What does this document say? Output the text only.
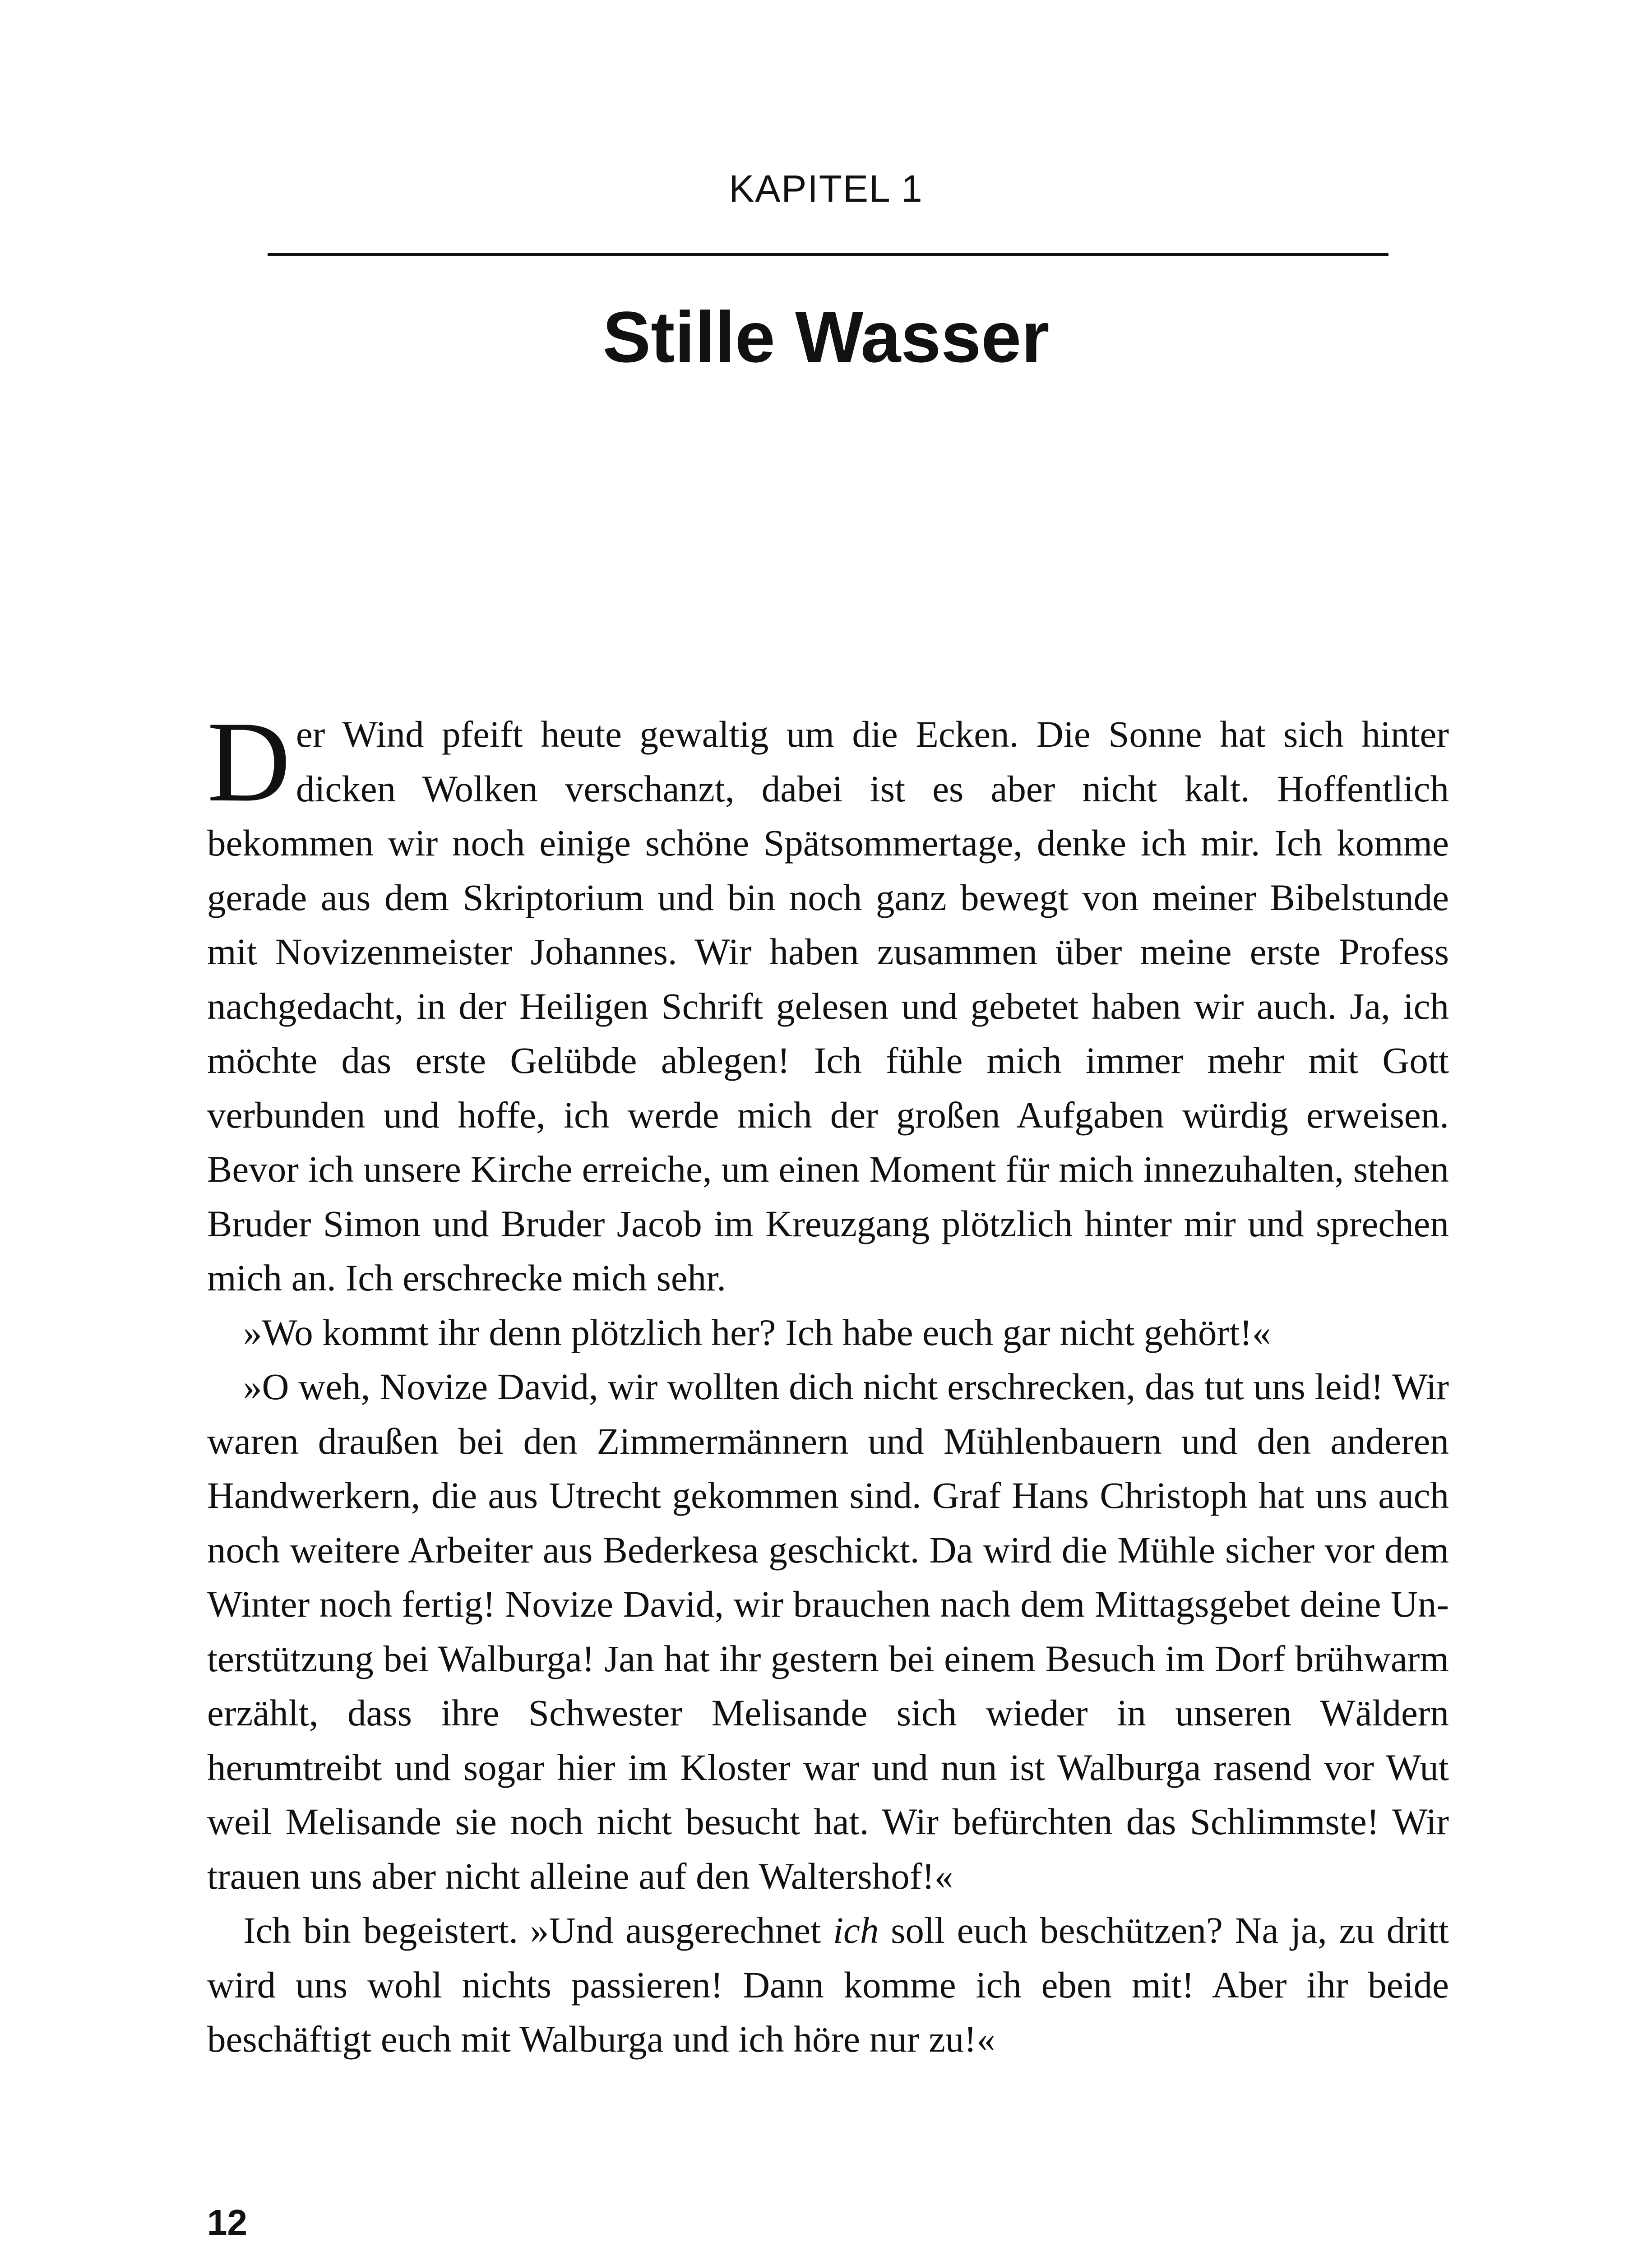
KAPITEL 1
Stille Wasser

Der Wind pfeift heute gewaltig um die Ecken. Die Sonne hat sich hinter dicken Wolken verschanzt, dabei ist es aber nicht kalt. Hoffentlich bekommen wir noch einige schöne Spätsommertage, denke ich mir. Ich komme gerade aus dem Skriptorium und bin noch ganz bewegt von meiner Bibelstunde mit Novizenmeister Johannes. Wir haben zusammen über meine erste Profess nachgedacht, in der Heiligen Schrift gelesen und gebetet haben wir auch. Ja, ich möchte das erste Gelübde ablegen! Ich fühle mich immer mehr mit Gott verbunden und hoffe, ich werde mich der großen Aufgaben würdig erweisen. Bevor ich unsere Kirche erreiche, um einen Moment für mich innezuhalten, stehen Bruder Simon und Bruder Jacob im Kreuzgang plötzlich hinter mir und sprechen mich an. Ich erschrecke mich sehr.

»Wo kommt ihr denn plötzlich her? Ich habe euch gar nicht gehört!«

»O weh, Novize David, wir wollten dich nicht erschrecken, das tut uns leid! Wir waren draußen bei den Zimmermännern und Mühlenbauern und den anderen Handwerkern, die aus Utrecht gekommen sind. Graf Hans Christoph hat uns auch noch weitere Arbeiter aus Bederkesa geschickt. Da wird die Mühle sicher vor dem Winter noch fertig! Novize David, wir brauchen nach dem Mittagsgebet deine Unterstützung bei Walburga! Jan hat ihr gestern bei einem Besuch im Dorf brühwarm erzählt, dass ihre Schwester Melisande sich wieder in unseren Wäldern herumtreibt und sogar hier im Kloster war und nun ist Walburga rasend vor Wut weil Melisande sie noch nicht besucht hat. Wir befürchten das Schlimmste! Wir trauen uns aber nicht alleine auf den Waltershof!«

Ich bin begeistert. »Und ausgerechnet ich soll euch beschützen? Na ja, zu dritt wird uns wohl nichts passieren! Dann komme ich eben mit! Aber ihr beide beschäftigt euch mit Walburga und ich höre nur zu!«

12
